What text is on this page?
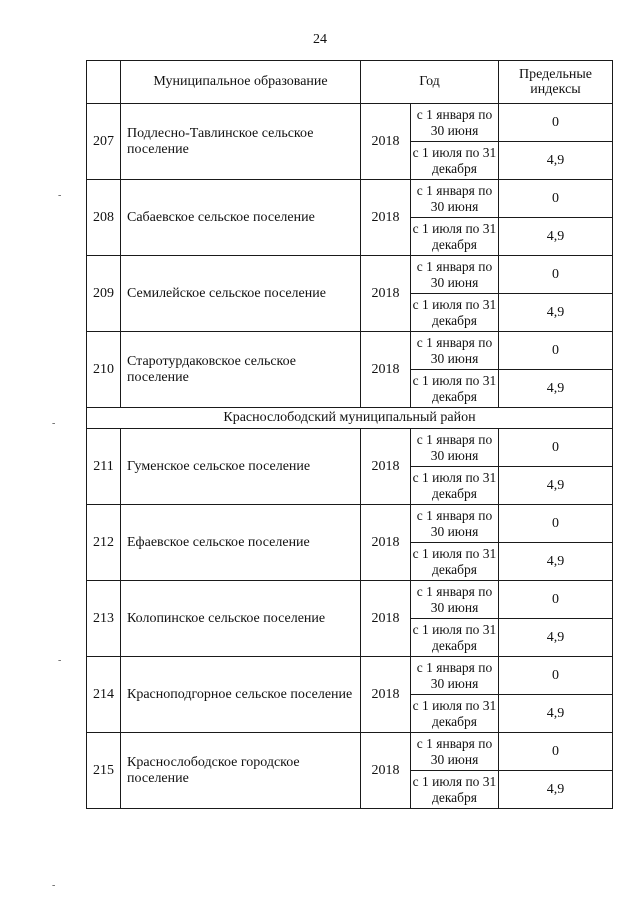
24
	Муниципальное образование	Год		Предельные индексы
207	Подлесно-Тавлинское сельское поселение	2018	с 1 января по 30 июня	0
			с 1 июля по 31 декабря	4,9
208	Сабаевское сельское поселение	2018	с 1 января по 30 июня	0
			с 1 июля по 31 декабря	4,9
209	Семилейское сельское поселение	2018	с 1 января по 30 июня	0
			с 1 июля по 31 декабря	4,9
210	Старотурдаковское сельское поселение	2018	с 1 января по 30 июня	0
			с 1 июля по 31 декабря	4,9
Краснослободский муниципальный район				
211	Гуменское сельское поселение	2018	с 1 января по 30 июня	0
			с 1 июля по 31 декабря	4,9
212	Ефаевское сельское поселение	2018	с 1 января по 30 июня	0
			с 1 июля по 31 декабря	4,9
213	Колопинское сельское поселение	2018	с 1 января по 30 июня	0
			с 1 июля по 31 декабря	4,9
214	Красноподгорное сельское поселение	2018	с 1 января по 30 июня	0
			с 1 июля по 31 декабря	4,9
215	Краснослободское городское поселение	2018	с 1 января по 30 июня	0
			с 1 июля по 31 декабря	4,9
-
-
-
-
